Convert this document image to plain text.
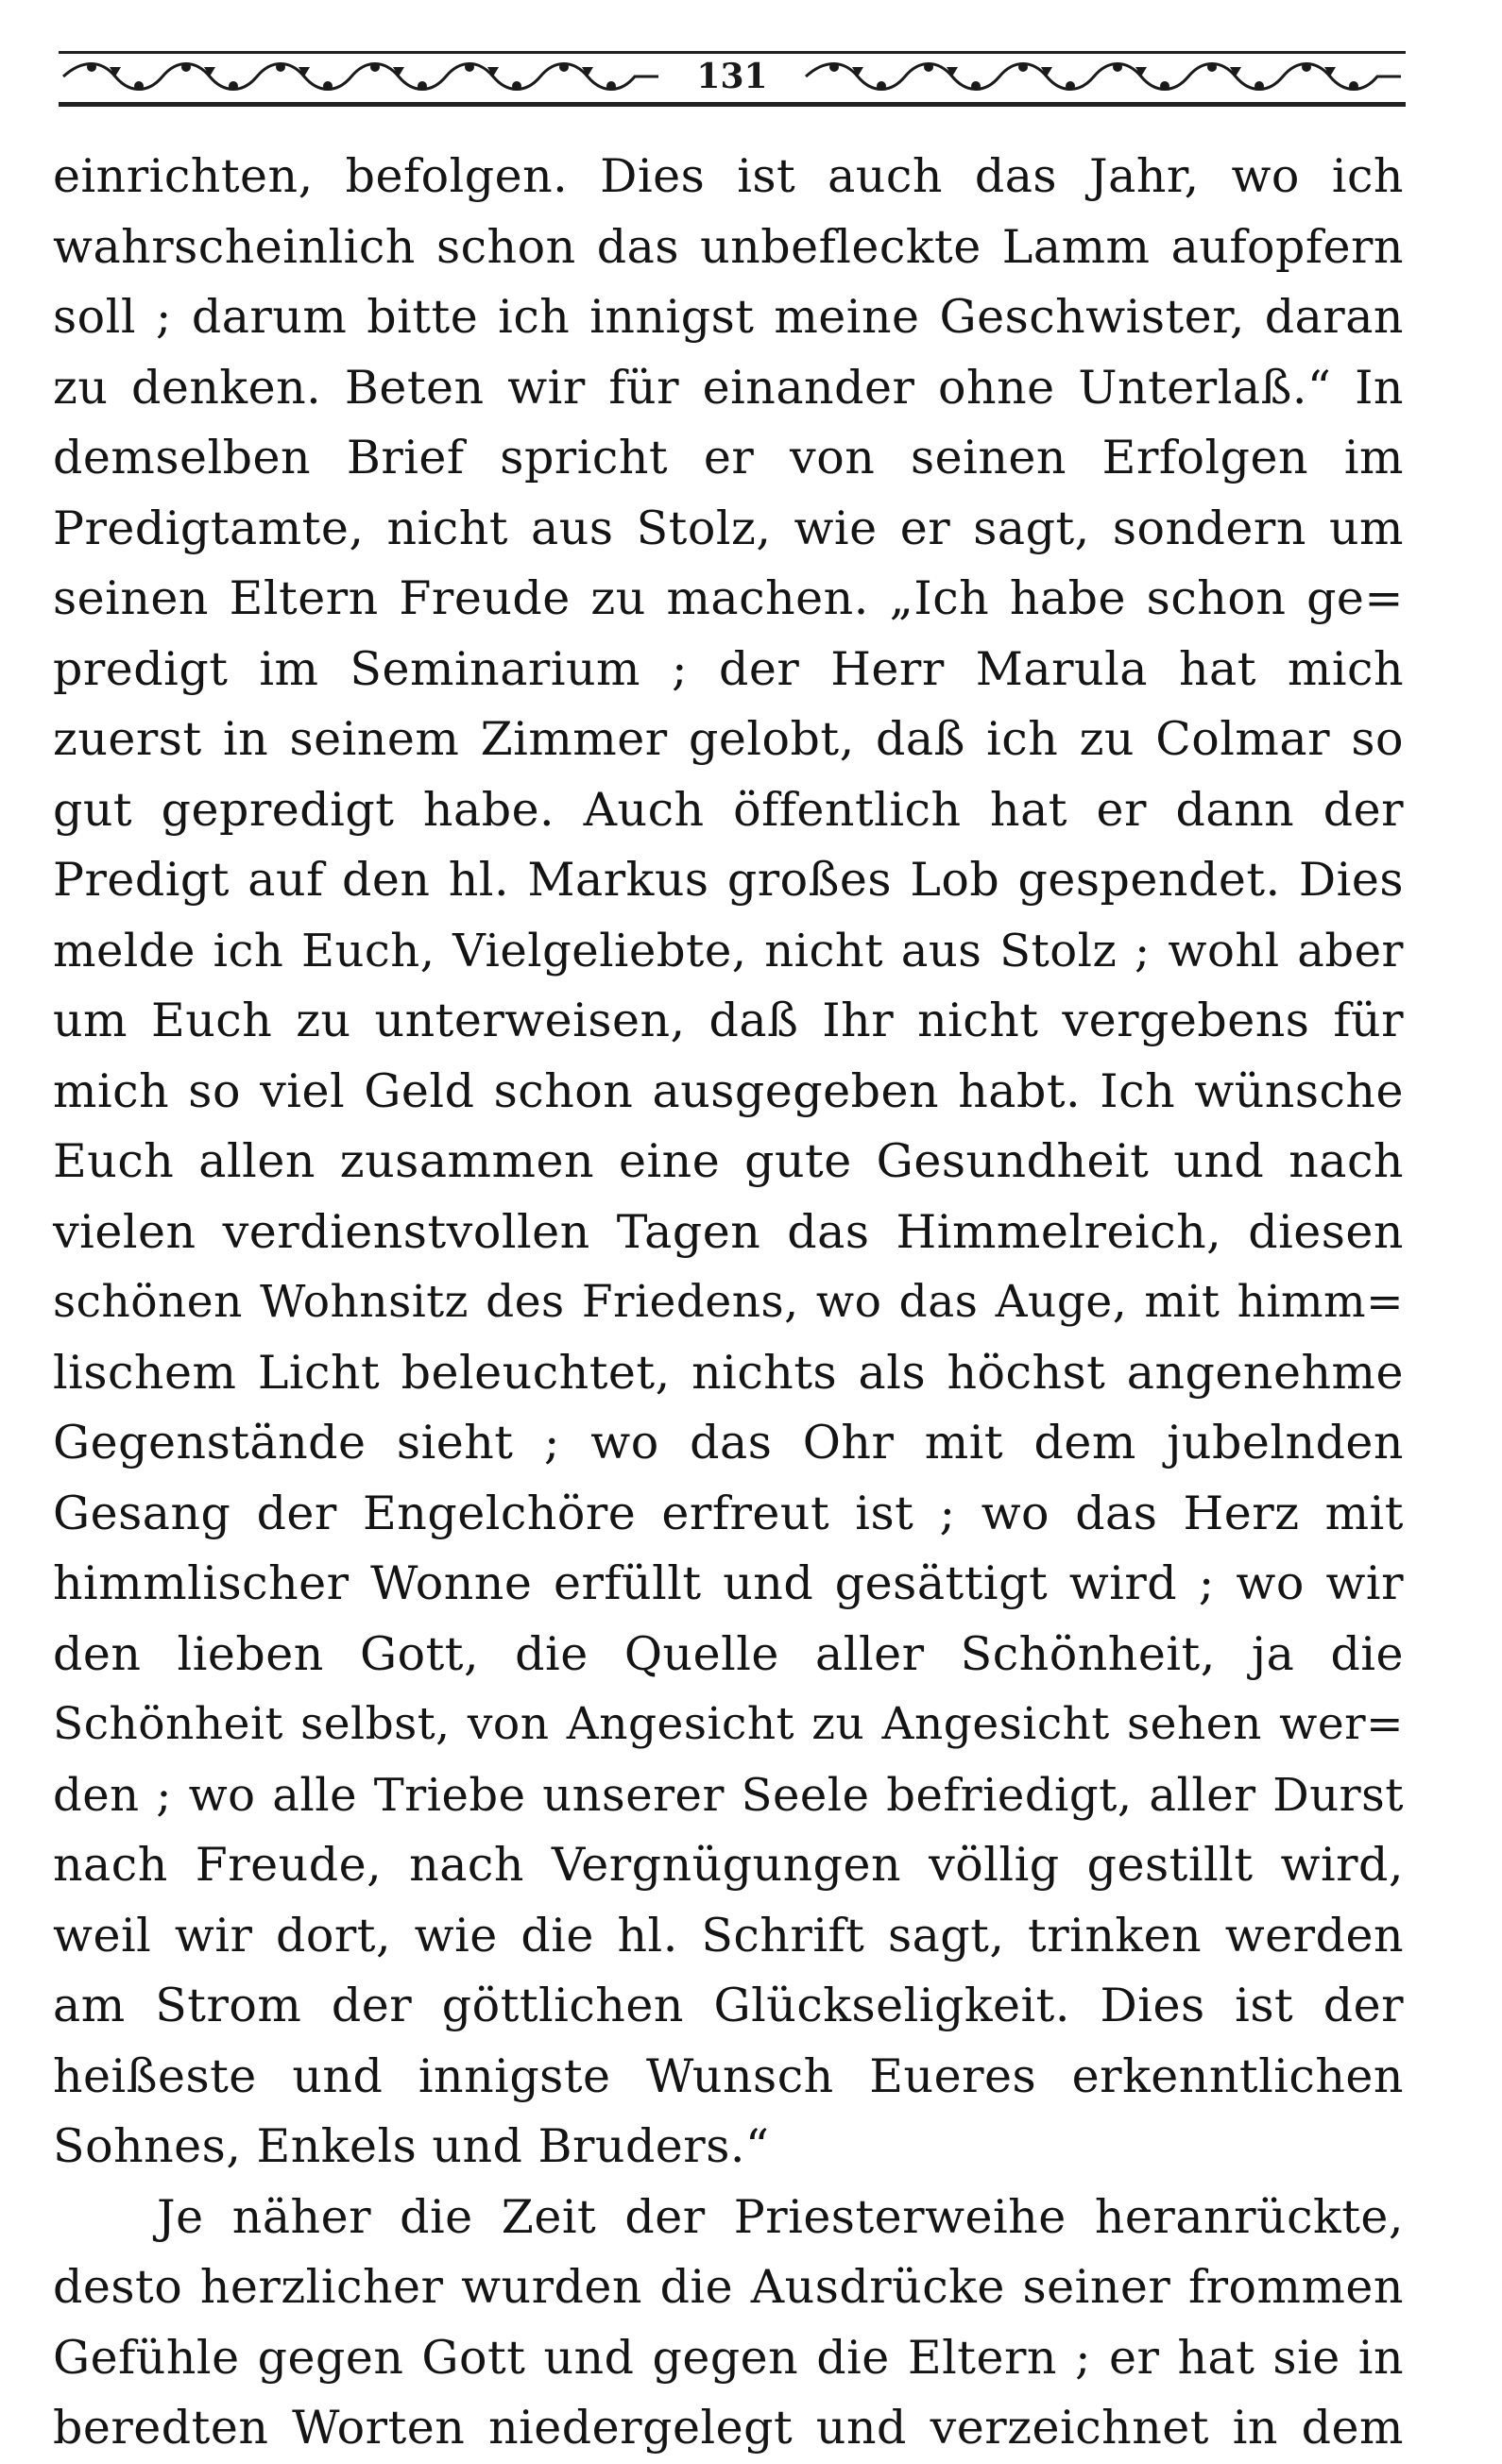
131
einrichten, befolgen. Dies ist auch das Jahr, wo ich
wahrscheinlich schon das unbefleckte Lamm aufopfern
soll ; darum bitte ich innigst meine Geschwister, daran
zu denken. Beten wir für einander ohne Unterlaß.“ In
demselben Brief spricht er von seinen Erfolgen im
Predigtamte, nicht aus Stolz, wie er sagt, sondern um
seinen Eltern Freude zu machen. „Ich habe schon ge=
predigt im Seminarium ; der Herr Marula hat mich
zuerst in seinem Zimmer gelobt, daß ich zu Colmar so
gut gepredigt habe. Auch öffentlich hat er dann der
Predigt auf den hl. Markus großes Lob gespendet. Dies
melde ich Euch, Vielgeliebte, nicht aus Stolz ; wohl aber
um Euch zu unterweisen, daß Ihr nicht vergebens für
mich so viel Geld schon ausgegeben habt. Ich wünsche
Euch allen zusammen eine gute Gesundheit und nach
vielen verdienstvollen Tagen das Himmelreich, diesen
schönen Wohnsitz des Friedens, wo das Auge, mit himm=
lischem Licht beleuchtet, nichts als höchst angenehme
Gegenstände sieht ; wo das Ohr mit dem jubelnden
Gesang der Engelchöre erfreut ist ; wo das Herz mit
himmlischer Wonne erfüllt und gesättigt wird ; wo wir
den lieben Gott, die Quelle aller Schönheit, ja die
Schönheit selbst, von Angesicht zu Angesicht sehen wer=
den ; wo alle Triebe unserer Seele befriedigt, aller Durst
nach Freude, nach Vergnügungen völlig gestillt wird,
weil wir dort, wie die hl. Schrift sagt, trinken werden
am Strom der göttlichen Glückseligkeit. Dies ist der
heißeste und innigste Wunsch Eueres erkenntlichen
Sohnes, Enkels und Bruders.“
Je näher die Zeit der Priesterweihe heranrückte,
desto herzlicher wurden die Ausdrücke seiner frommen
Gefühle gegen Gott und gegen die Eltern ; er hat sie in
beredten Worten niedergelegt und verzeichnet in dem
